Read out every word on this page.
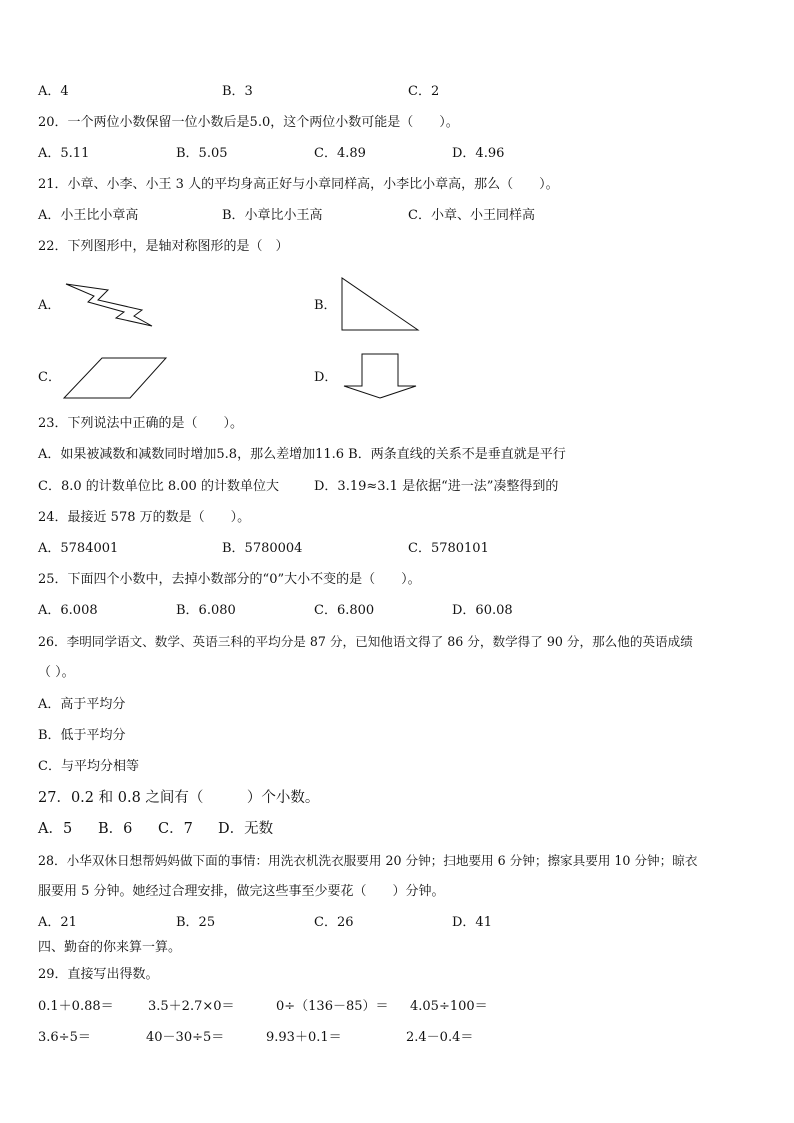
A．4	B．3	C．2
20．一个两位小数保留一位小数后是5.0，这个两位小数可能是（　　）。
A．5.11	B．5.05	C．4.89	D．4.96
21．小章、小李、小王 3 人的平均身高正好与小章同样高，小李比小章高，那么（　　）。
A．小王比小章高	B．小章比小王高	C．小章、小王同样高
22．下列图形中，是轴对称图形的是（　）
A．	B．
C．	D．
23．下列说法中正确的是（　　）。
A．如果被减数和减数同时增加5.8，那么差增加11.6 B．两条直线的关系不是垂直就是平行
C．8.0 的计数单位比 8.00 的计数单位大	D．3.19≈3.1 是依据“进一法”凑整得到的
24．最接近 578 万的数是（　　）。
A．5784001	B．5780004	C．5780101
25．下面四个小数中，去掉小数部分的“0”大小不变的是（　　）。
A．6.008	B．6.080	C．6.800	D．60.08
26．李明同学语文、数学、英语三科的平均分是 87 分，已知他语文得了 86 分，数学得了 90 分，那么他的英语成绩
（ ）。
A．高于平均分
B．低于平均分
C．与平均分相等
27．0.2 和 0.8 之间有（　　　）个小数。
A．5 B．6 C．7 D．无数
28．小华双休日想帮妈妈做下面的事情：用洗衣机洗衣服要用 20 分钟；扫地要用 6 分钟；擦家具要用 10 分钟；晾衣
服要用 5 分钟。她经过合理安排，做完这些事至少要花（　　）分钟。
A．21	B．25	C．26	D．41
四、勤奋的你来算一算。
29．直接写出得数。
0.1＋0.88＝	3.5＋2.7×0＝	0÷（136－85）＝ 4.05÷100＝
3.6÷5＝	40－30÷5＝	9.93＋0.1＝	2.4－0.4＝
